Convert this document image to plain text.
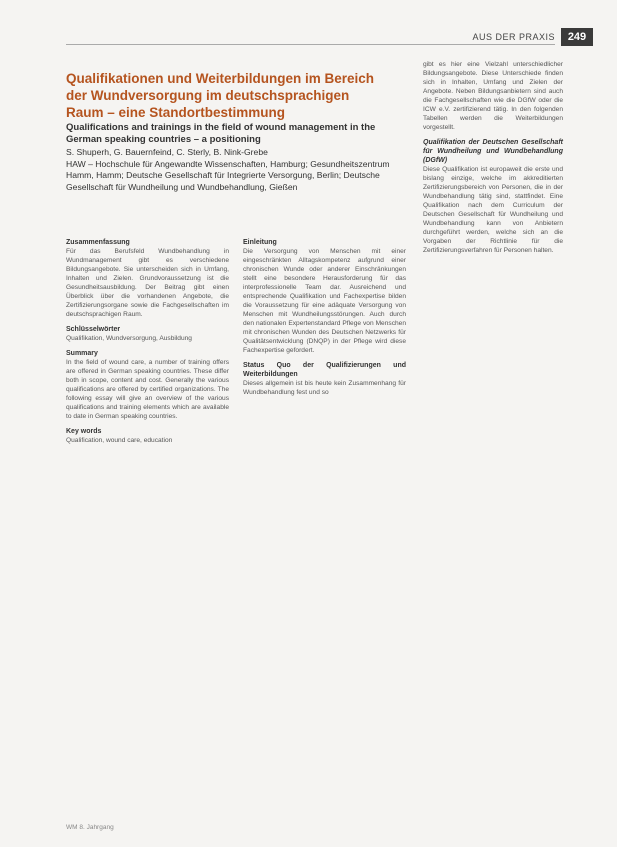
AUS DER PRAXIS	249
Qualifikationen und Weiterbildungen im Bereich der Wundversorgung im deutschsprachigen Raum – eine Standortbestimmung
Qualifications and trainings in the field of wound management in the German speaking countries – a positioning
S. Shuperh, G. Bauernfeind, C. Sterly, B. Nink-Grebe
HAW – Hochschule für Angewandte Wissenschaften, Hamburg; Gesundheitszentrum Hamm, Hamm; Deutsche Gesellschaft für Integrierte Versorgung, Berlin; Deutsche Gesellschaft für Wundheilung und Wundbehandlung, Gießen
Zusammenfassung

Für das Berufsfeld Wundbehandlung in Wundmanagement gibt es verschiedene Bildungsangebote. Sie unterscheiden sich in Umfang, Inhalten und Zielen. Grundvoraussetzung ist die Gesundheitsausbildung. Der Beitrag gibt einen Überblick über die vorhandenen Angebote, die Zertifizierungsorgane sowie die Fachgesellschaften im deutschsprachigen Raum.

Schlüsselwörter

Qualifikation, Wundversorgung, Ausbildung

Summary

In the field of wound care, a number of training offers are offered in German speaking countries. These differ both in scope, content and cost. Generally the various qualifications are offered by certified organizations. The following essay will give an overview of the various qualifications and training elements which are available to date in German speaking countries.

Key words

Qualification, wound care, education

Einleitung

Die Versorgung von Menschen mit einer eingeschränkten Alltagskompetenz aufgrund einer chronischen Wunde oder anderer Einschränkungen stellt eine besondere Herausforderung für das interprofessionelle Team dar. Ausreichend und entsprechende Qualifikation und Fachexpertise bilden die Voraussetzung für eine adäquate Versorgung von Menschen mit Wundheilungsstörungen. Auch durch den nationalen Expertenstandard Pflege von Menschen mit chronischen Wunden des Deutschen Netzwerks für Qualitätsentwicklung (DNQP) in der Pflege wird diese Fachexpertise gefordert.

Status Quo der Qualifizierungen und Weiterbildungen

Dieses allgemein ist bis heute kein Zusammenhang für Wundbehandlung fest und so

gibt es hier eine Vielzahl unterschiedlicher Bildungsangebote. Diese Unterschiede finden sich in Inhalten, Umfang und Zielen der Angebote. Neben Bildungsanbietern sind auch die Fachgesellschaften wie die DGfW oder die ICW e.V. zertifizierend tätig. In den folgenden Tabellen werden die Weiterbildungen vorgestellt.

Qualifikation der Deutschen Gesellschaft für Wundheilung und Wundbehandlung (DGfW)

Diese Qualifikation ist europaweit die erste und bislang einzige, welche im akkreditierten Zertifizierungsbereich von Personen, die in der Wundbehandlung tätig sind, stattfindet. Eine Qualifikation nach dem Curriculum der Deutschen Gesellschaft für Wundheilung und Wundbehandlung kann von Anbietern durchgeführt werden, welche sich an die Vorgaben der Richtlinie für die Zertifizierungsverfahren für Personen halten.

WM 8. Jahrgang
